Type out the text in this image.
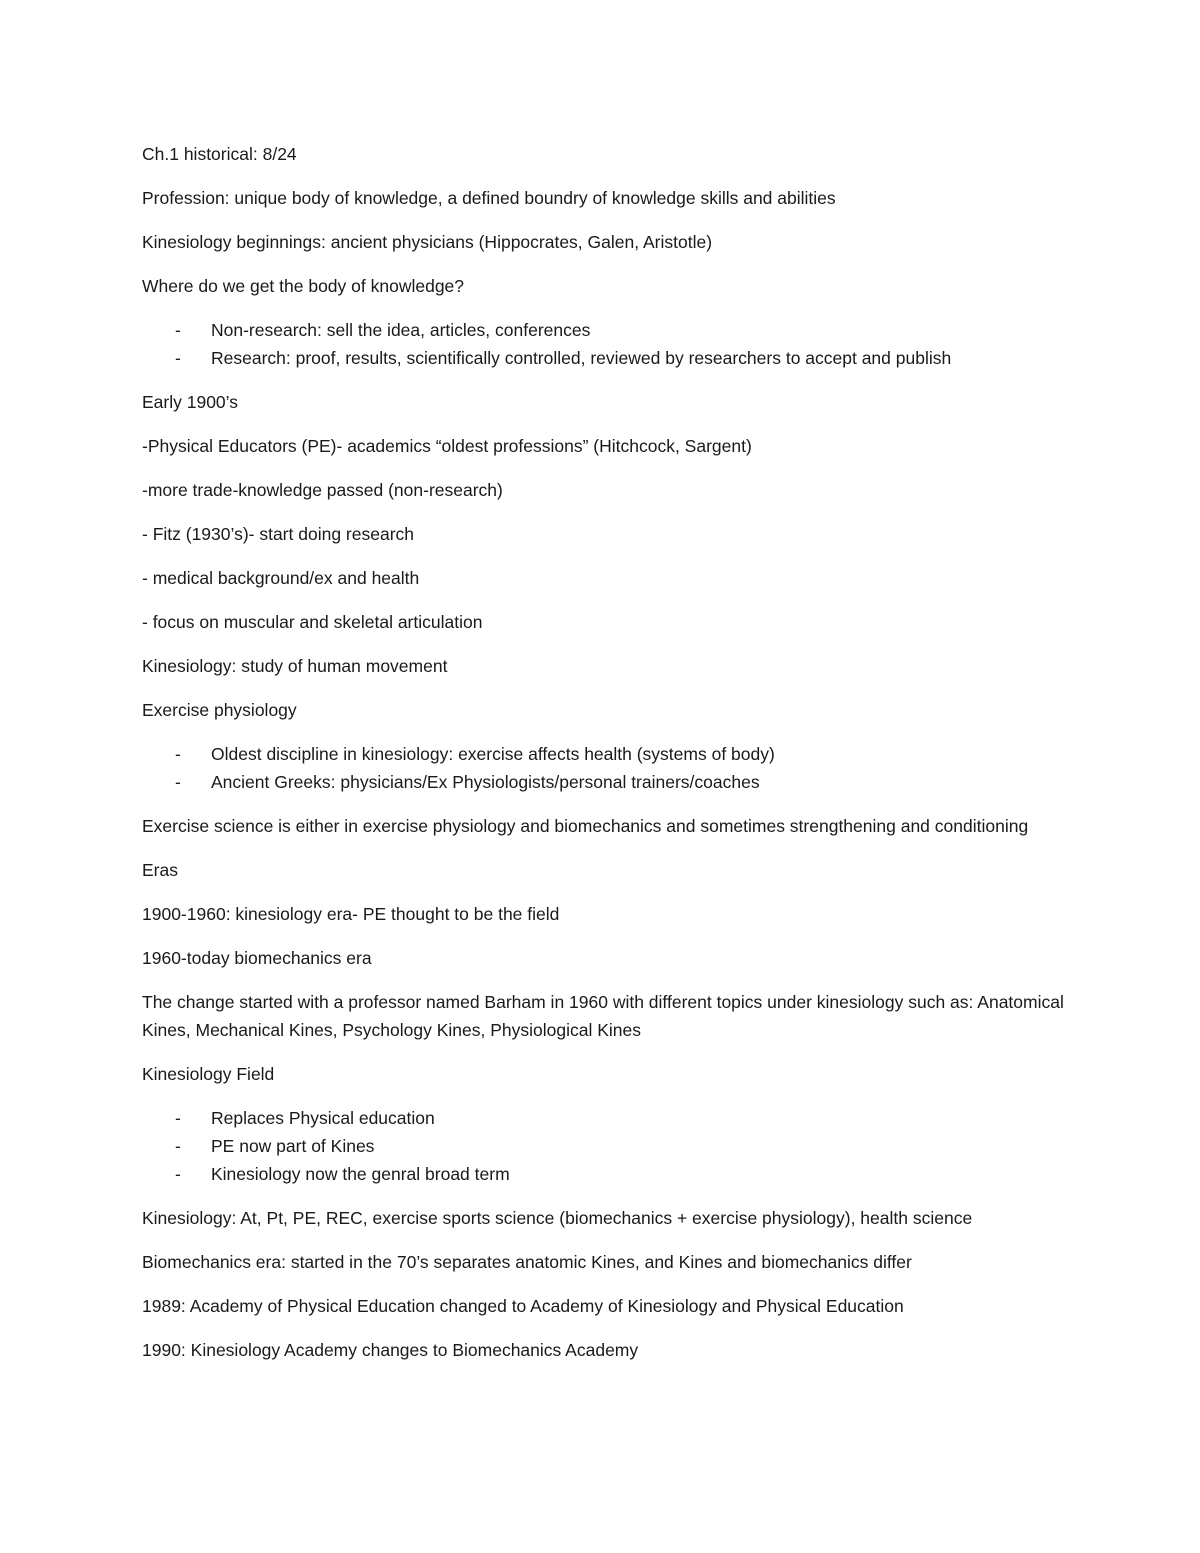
Ch.1 historical: 8/24

Profession: unique body of knowledge, a defined boundry of knowledge skills and abilities

Kinesiology beginnings: ancient physicians (Hippocrates, Galen, Aristotle)

Where do we get the body of knowledge?

- Non-research: sell the idea, articles, conferences
- Research: proof, results, scientifically controlled, reviewed by researchers to accept and publish

Early 1900’s

-Physical Educators (PE)- academics “oldest professions” (Hitchcock, Sargent)

-more trade-knowledge passed (non-research)

- Fitz (1930’s)- start doing research

- medical background/ex and health

- focus on muscular and skeletal articulation

Kinesiology: study of human movement

Exercise physiology

- Oldest discipline in kinesiology: exercise affects health (systems of body)
- Ancient Greeks: physicians/Ex Physiologists/personal trainers/coaches

Exercise science is either in exercise physiology and biomechanics and sometimes strengthening and conditioning

Eras

1900-1960: kinesiology era- PE thought to be the field

1960-today biomechanics era

The change started with a professor named Barham in 1960 with different topics under kinesiology such as: Anatomical Kines, Mechanical Kines, Psychology Kines, Physiological Kines

Kinesiology Field

- Replaces Physical education
- PE now part of Kines
- Kinesiology now the genral broad term

Kinesiology: At, Pt, PE, REC, exercise sports science (biomechanics + exercise physiology), health science

Biomechanics era: started in the 70’s separates anatomic Kines, and Kines and biomechanics differ

1989: Academy of Physical Education changed to Academy of Kinesiology and Physical Education

1990: Kinesiology Academy changes to Biomechanics Academy
